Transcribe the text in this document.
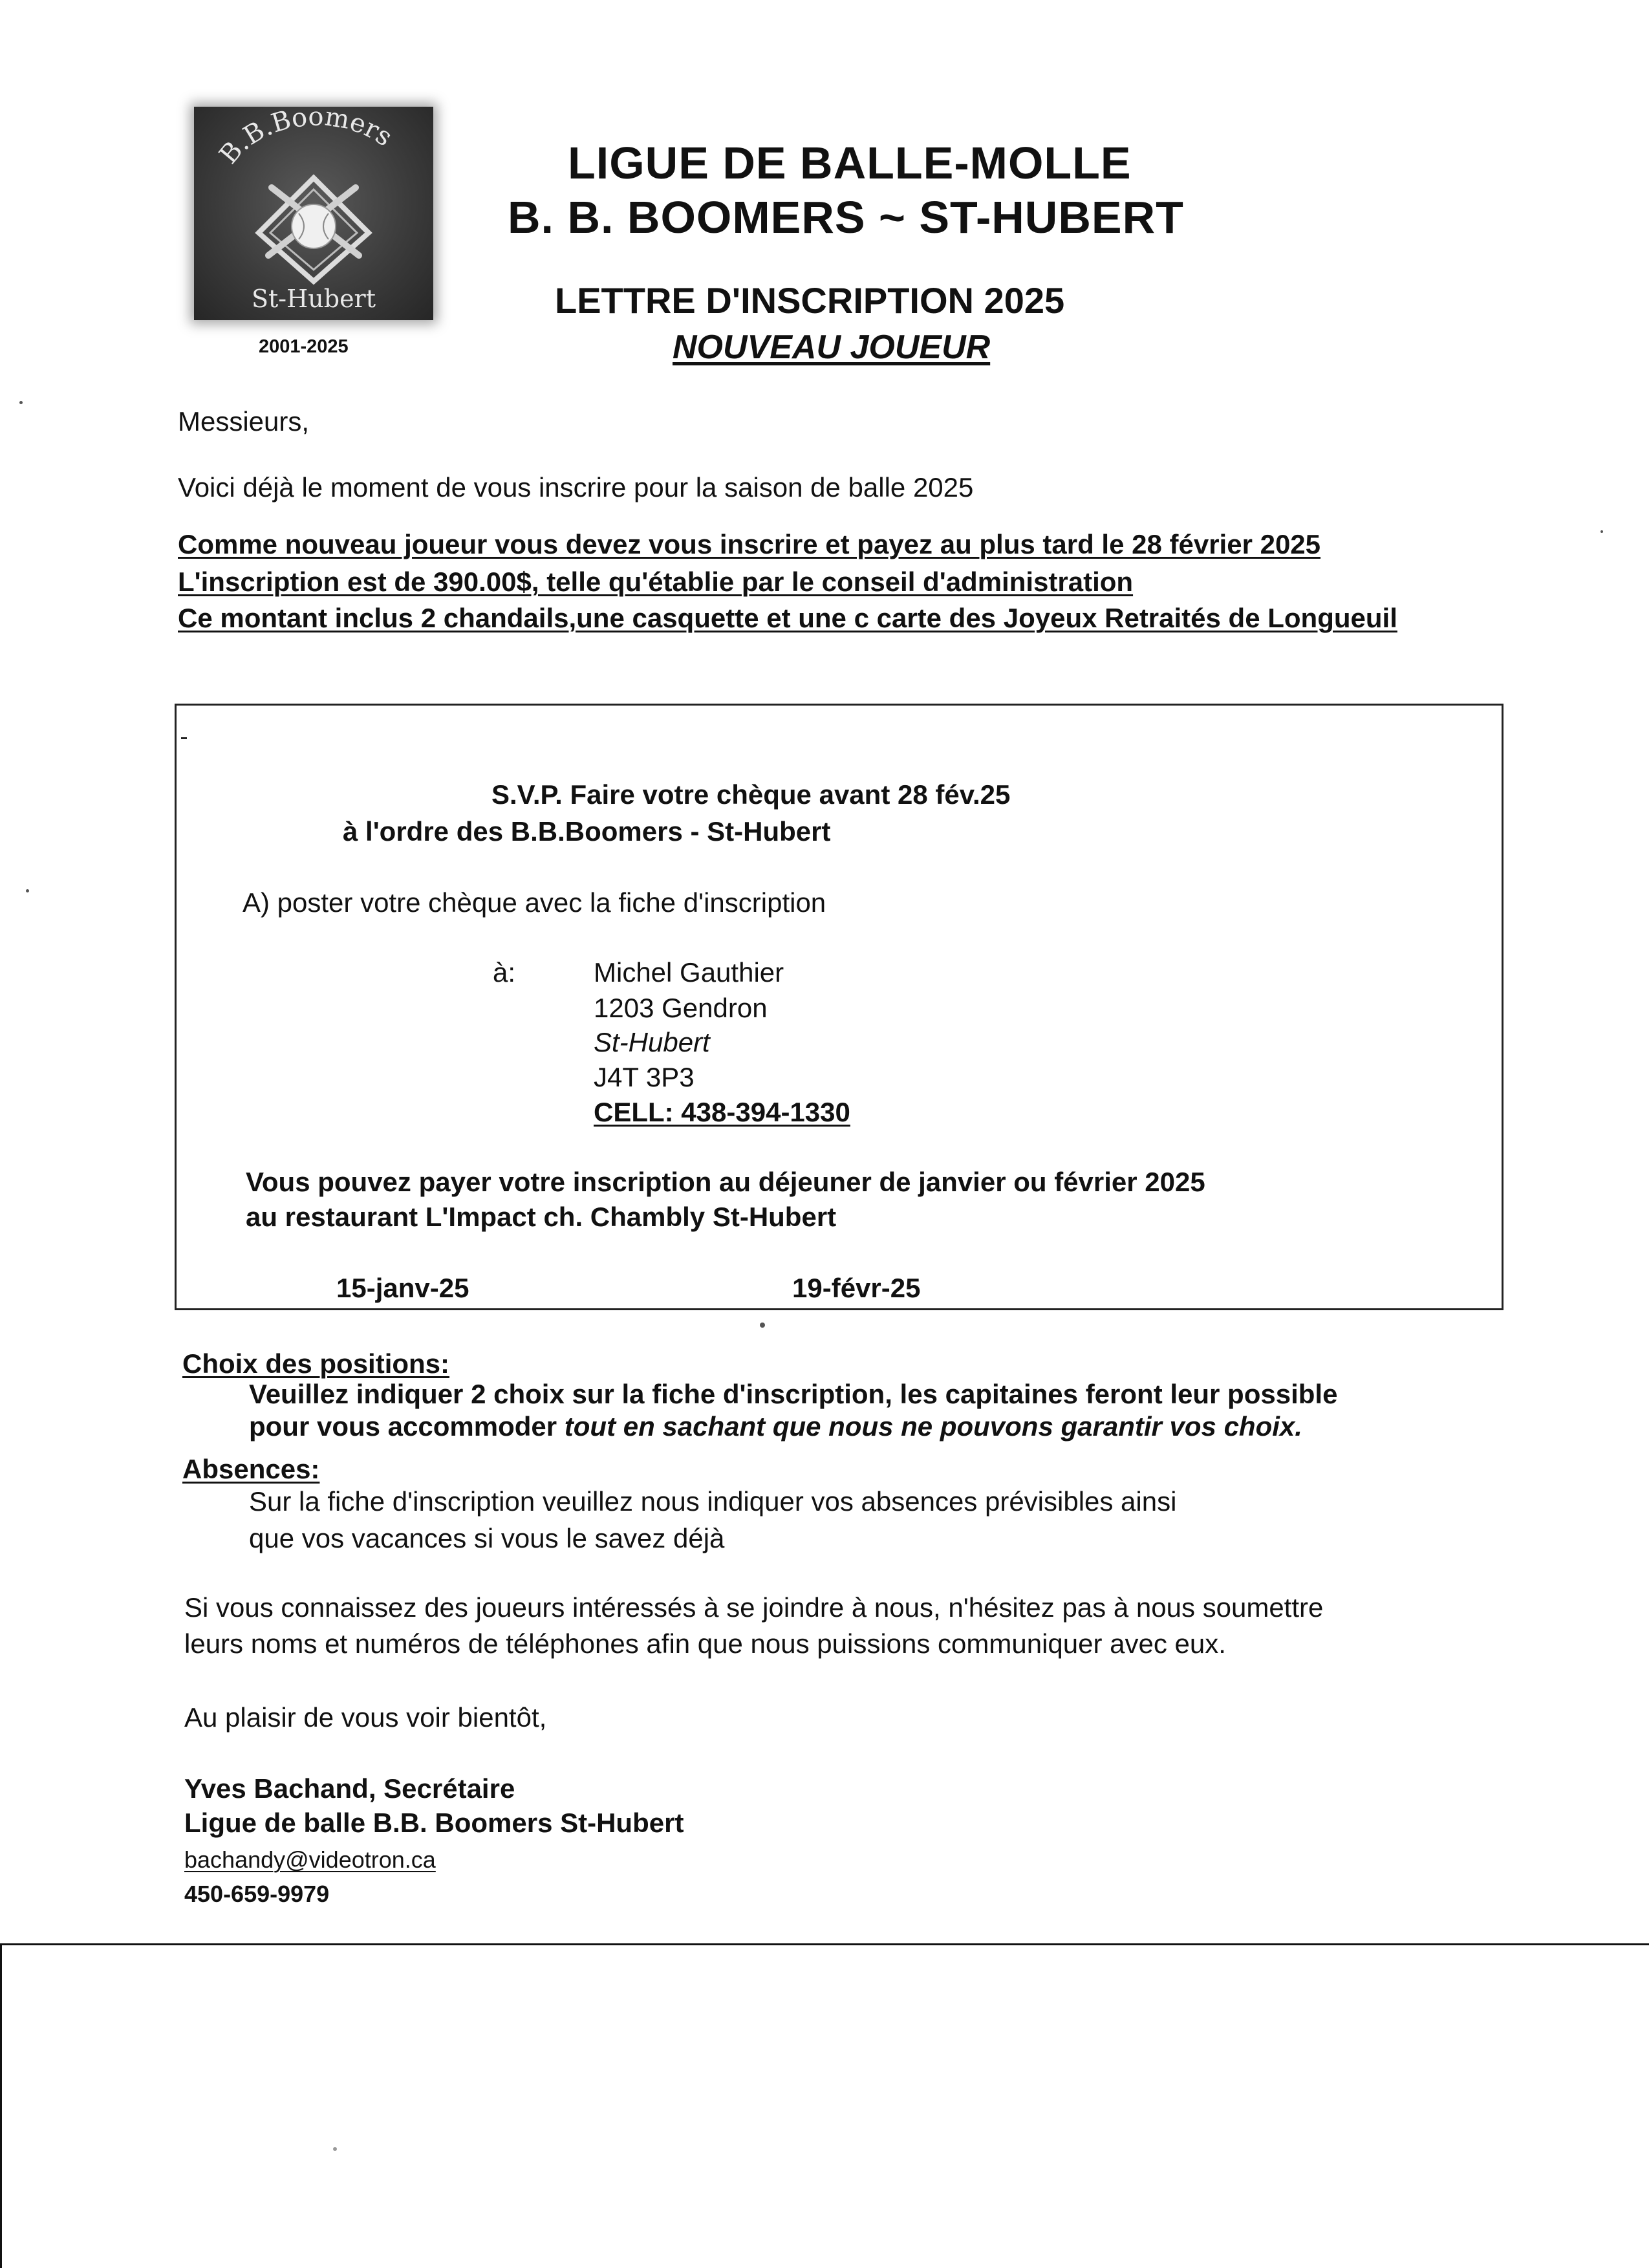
B.B.Boomers
St-Hubert
2001-2025
LIGUE DE BALLE-MOLLE
B. B. BOOMERS ~ ST-HUBERT
LETTRE D'INSCRIPTION 2025
NOUVEAU JOUEUR
Messieurs,
Voici déjà le moment de vous inscrire pour la saison de balle 2025
Comme nouveau joueur vous devez vous inscrire et payez au plus tard le 28 février 2025
L'inscription est de 390.00$, telle qu'établie par le conseil d'administration
Ce montant inclus 2 chandails,une casquette et une c carte des Joyeux Retraités de Longueuil
S.V.P. Faire votre chèque avant 28 fév.25
à l'ordre des B.B.Boomers - St-Hubert
A) poster votre chèque avec la fiche d'inscription
à:	Michel Gauthier
1203 Gendron
St-Hubert
J4T 3P3
CELL: 438-394-1330
Vous pouvez payer votre inscription au déjeuner de janvier ou février 2025
au restaurant L'Impact ch. Chambly St-Hubert
15-janv-25	19-févr-25
Choix des positions:
Veuillez indiquer 2 choix sur la fiche d'inscription, les capitaines feront leur possible
pour vous accommoder tout en sachant que nous ne pouvons garantir vos choix.
Absences:
Sur la fiche d'inscription veuillez nous indiquer vos absences prévisibles ainsi
que vos vacances si vous le savez déjà
Si vous connaissez des joueurs intéressés à se joindre à nous, n'hésitez pas à nous soumettre
leurs noms et numéros de téléphones afin que nous puissions communiquer avec eux.
Au plaisir de vous voir bientôt,
Yves Bachand, Secrétaire
Ligue de balle B.B. Boomers St-Hubert
bachandy@videotron.ca
450-659-9979
